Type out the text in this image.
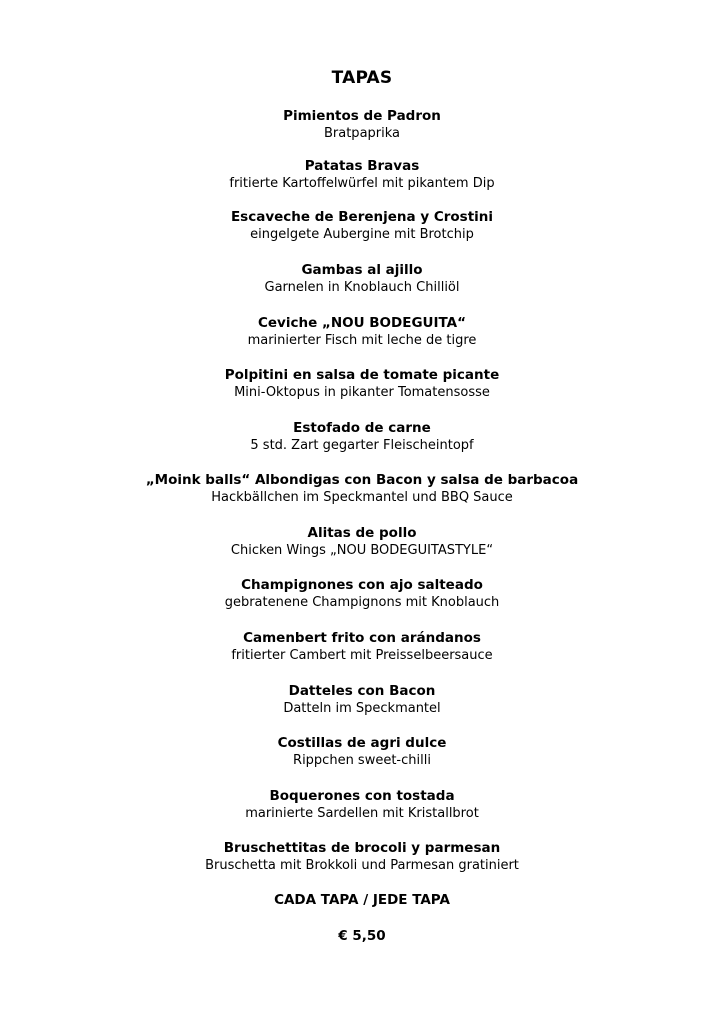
TAPAS
Pimientos de Padron
Bratpaprika
Patatas Bravas
fritierte Kartoffelwürfel mit pikantem Dip
Escaveche de Berenjena y Crostini
eingelgete Aubergine mit Brotchip
Gambas al ajillo
Garnelen in Knoblauch Chilliöl
Ceviche „NOU BODEGUITA“
marinierter Fisch mit leche de tigre
Polpitini en salsa de tomate picante
Mini-Oktopus in pikanter Tomatensosse
Estofado de carne
5 std. Zart gegarter Fleischeintopf
„Moink balls“ Albondigas con Bacon y salsa de barbacoa
Hackbällchen im Speckmantel und BBQ Sauce
Alitas de pollo
Chicken Wings „NOU BODEGUITASTYLE“
Champignones con ajo salteado
gebratenene Champignons mit Knoblauch
Camenbert frito con arándanos
fritierter Cambert mit Preisselbeersauce
Datteles con Bacon
Datteln im Speckmantel
Costillas de agri dulce
Rippchen sweet-chilli
Boquerones con tostada
marinierte Sardellen mit Kristallbrot
Bruschettitas de brocoli y parmesan
Bruschetta mit Brokkoli und Parmesan gratiniert
CADA TAPA / JEDE TAPA
€ 5,50
